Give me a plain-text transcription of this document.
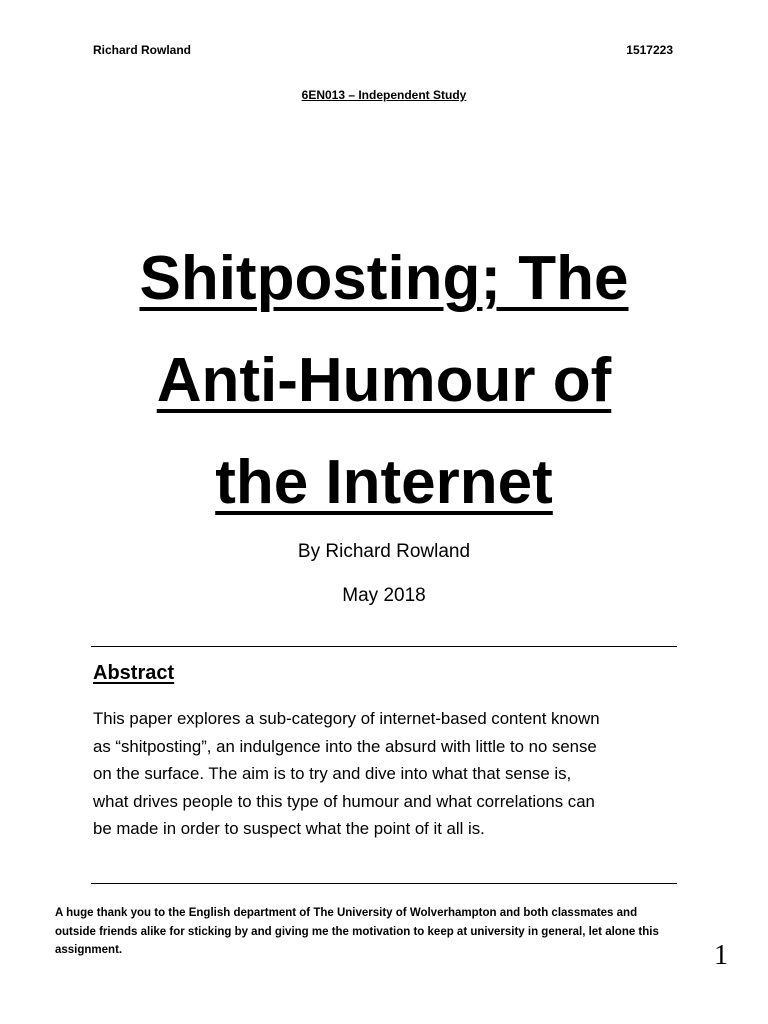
Richard Rowland	1517223
6EN013 – Independent Study
Shitposting; The
Anti-Humour of
the Internet
By Richard Rowland
May 2018
Abstract
This paper explores a sub-category of internet-based content known
as “shitposting”, an indulgence into the absurd with little to no sense
on the surface. The aim is to try and dive into what that sense is,
what drives people to this type of humour and what correlations can
be made in order to suspect what the point of it all is.
A huge thank you to the English department of The University of Wolverhampton and both classmates and
outside friends alike for sticking by and giving me the motivation to keep at university in general, let alone this
assignment.	1
